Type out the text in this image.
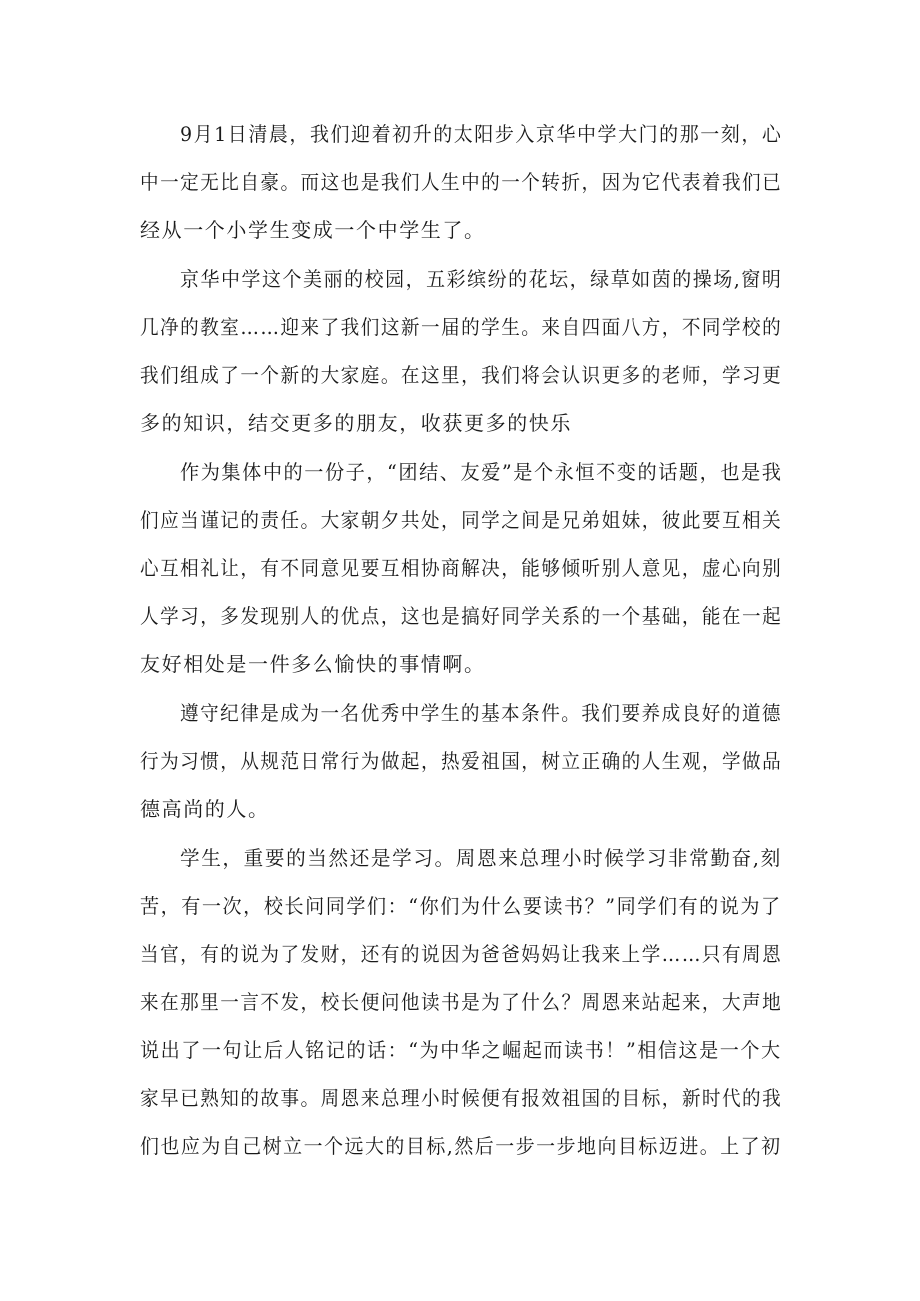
9月1日清晨，我们迎着初升的太阳步入京华中学大门的那一刻，心
中一定无比自豪。而这也是我们人生中的一个转折，因为它代表着我们已
经从一个小学生变成一个中学生了。
京华中学这个美丽的校园，五彩缤纷的花坛，绿草如茵的操场,窗明
几净的教室……迎来了我们这新一届的学生。来自四面八方，不同学校的
我们组成了一个新的大家庭。在这里，我们将会认识更多的老师，学习更
多的知识，结交更多的朋友，收获更多的快乐
作为集体中的一份子，“团结、友爱”是个永恒不变的话题，也是我
们应当谨记的责任。大家朝夕共处，同学之间是兄弟姐妹，彼此要互相关
心互相礼让，有不同意见要互相协商解决，能够倾听别人意见，虚心向别
人学习，多发现别人的优点，这也是搞好同学关系的一个基础，能在一起
友好相处是一件多么愉快的事情啊。
遵守纪律是成为一名优秀中学生的基本条件。我们要养成良好的道德
行为习惯，从规范日常行为做起，热爱祖国，树立正确的人生观，学做品
德高尚的人。
学生，重要的当然还是学习。周恩来总理小时候学习非常勤奋,刻
苦，有一次，校长问同学们：“你们为什么要读书？”同学们有的说为了
当官，有的说为了发财，还有的说因为爸爸妈妈让我来上学……只有周恩
来在那里一言不发，校长便问他读书是为了什么？周恩来站起来，大声地
说出了一句让后人铭记的话：“为中华之崛起而读书！”相信这是一个大
家早已熟知的故事。周恩来总理小时候便有报效祖国的目标，新时代的我
们也应为自己树立一个远大的目标,然后一步一步地向目标迈进。上了初
